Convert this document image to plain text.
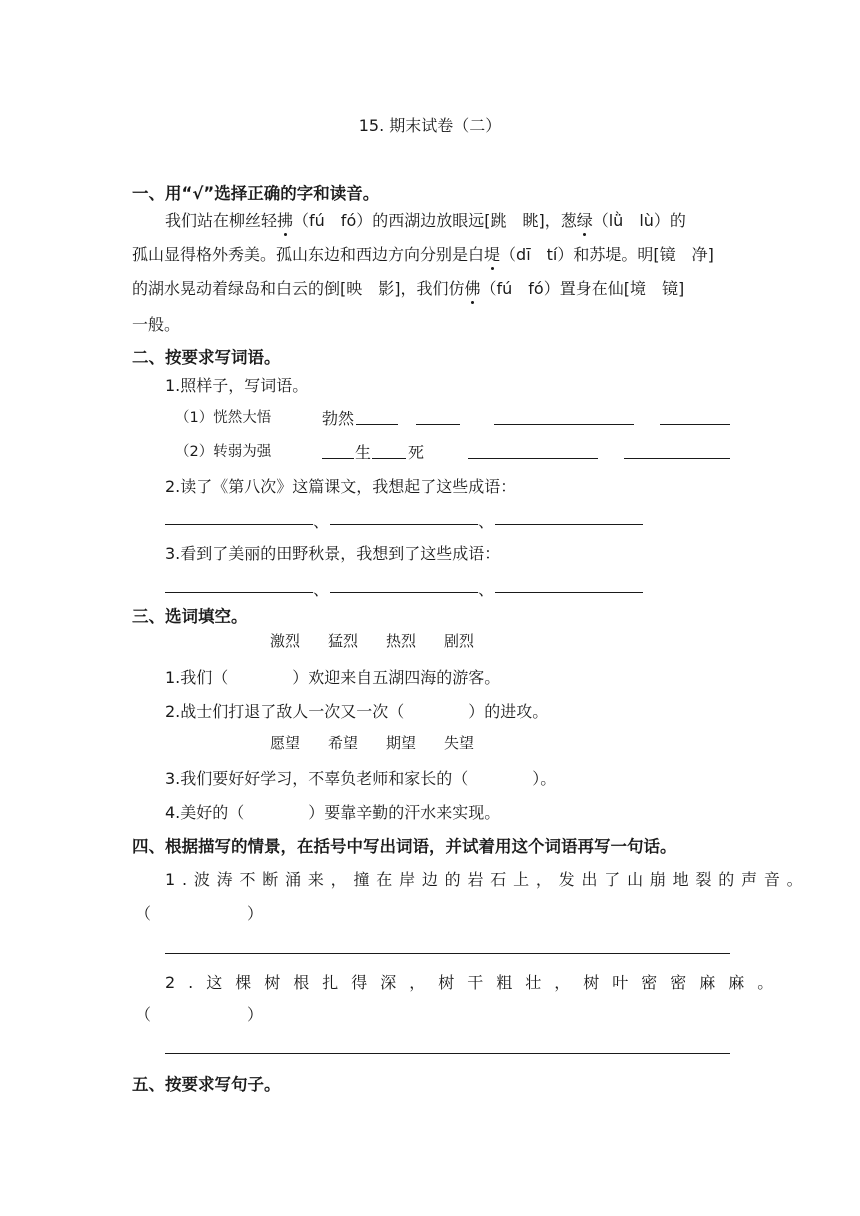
15. 期末试卷（二）
一、用“√”选择正确的字和读音。
我们站在柳丝轻拂（fú　fó）的西湖边放眼远[跳　眺]，葱绿（lǜ　lù）的
孤山显得格外秀美。孤山东边和西边方向分别是白堤（dī　tí）和苏堤。明[镜　净]
的湖水晃动着绿岛和白云的倒[映　影]，我们仿佛（fú　fó）置身在仙[境　镜]
一般。
二、按要求写词语。
1.照样子，写词语。
（1）恍然大悟	勃然
（2）转弱为强	生 死
2.读了《第八次》这篇课文，我想起了这些成语：
、	、
3.看到了美丽的田野秋景，我想到了这些成语：
、	、
三、选词填空。
激烈 猛烈 热烈 剧烈
1.我们（　　　　）欢迎来自五湖四海的游客。
2.战士们打退了敌人一次又一次（　　　　）的进攻。
愿望 希望 期望 失望
3.我们要好好学习，不辜负老师和家长的（　　　　）。
4.美好的（　　　　）要靠辛勤的汗水来实现。
四、根据描写的情景，在括号中写出词语，并试着用这个词语再写一句话。
1.波涛不断涌来，撞在岸边的岩石上，发出了山崩地裂的声音。
（　　　　　　）
2.这棵树根扎得深，树干粗壮，树叶密密麻麻。
（　　　　　　）
五、按要求写句子。
